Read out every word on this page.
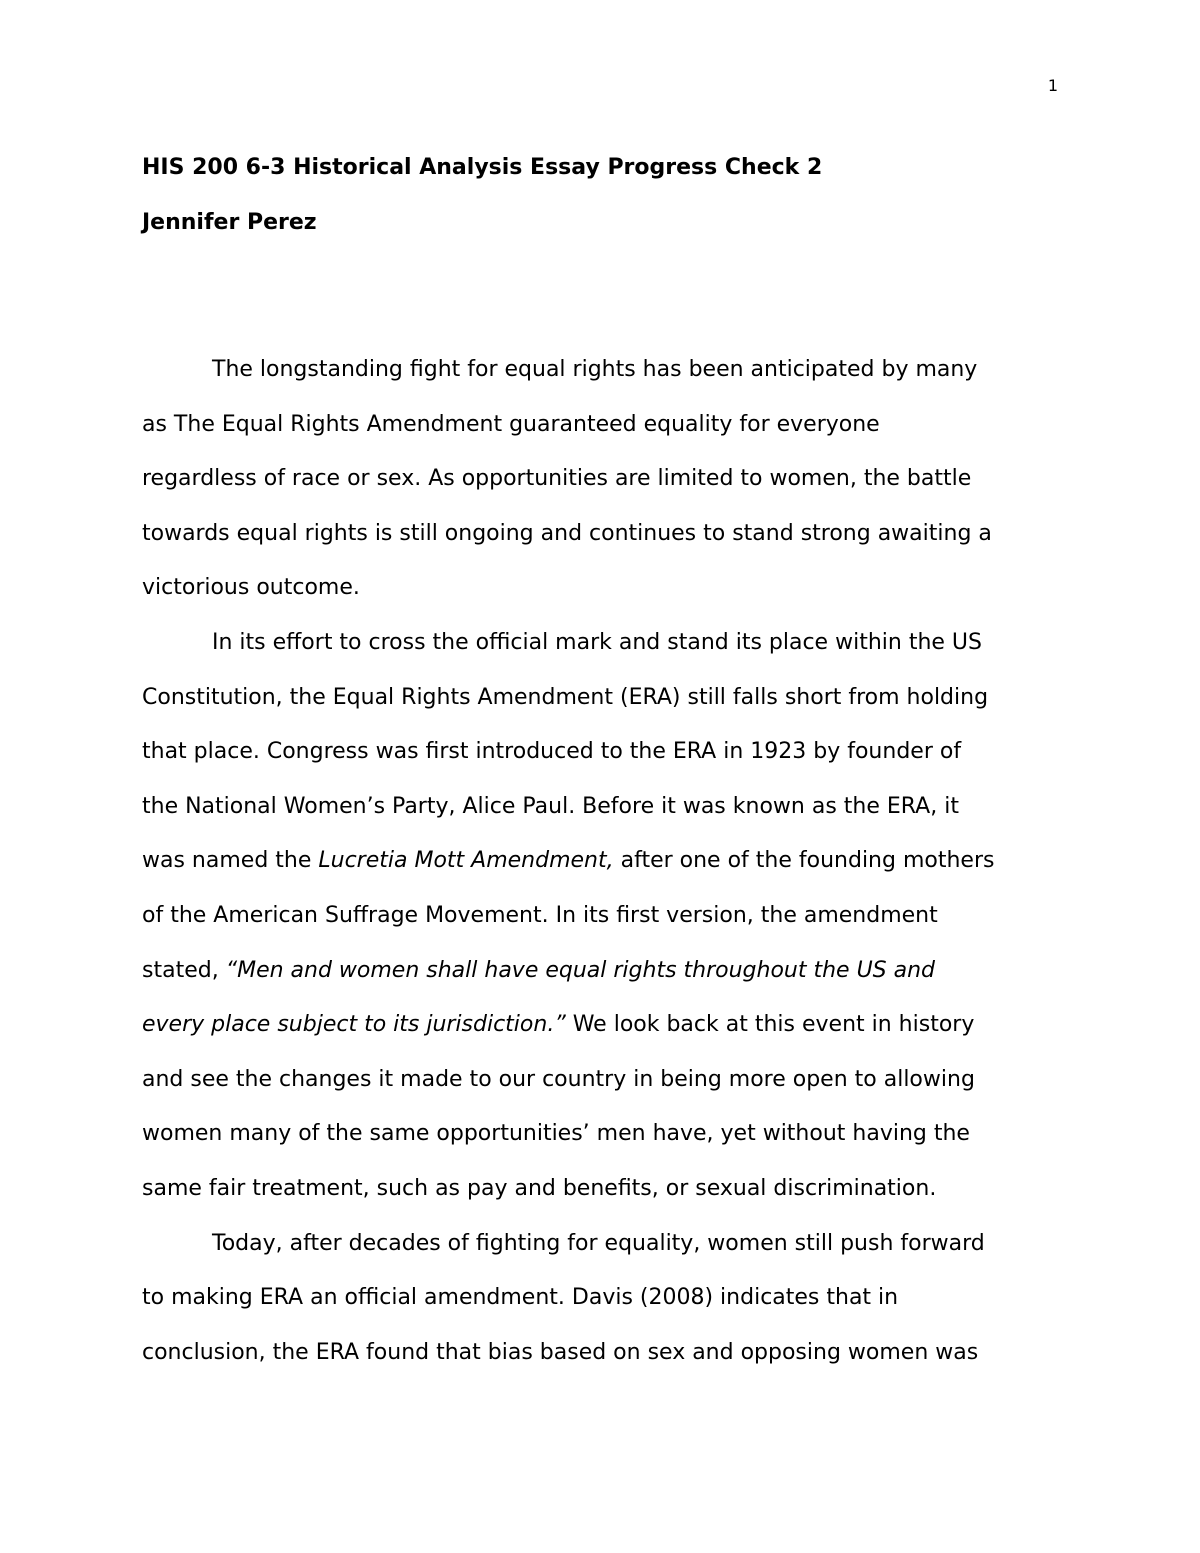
1
HIS 200 6-3 Historical Analysis Essay Progress Check 2
Jennifer Perez
The longstanding fight for equal rights has been anticipated by many
as The Equal Rights Amendment guaranteed equality for everyone
regardless of race or sex. As opportunities are limited to women, the battle
towards equal rights is still ongoing and continues to stand strong awaiting a
victorious outcome.
In its effort to cross the official mark and stand its place within the US
Constitution, the Equal Rights Amendment (ERA) still falls short from holding
that place. Congress was first introduced to the ERA in 1923 by founder of
the National Women’s Party, Alice Paul. Before it was known as the ERA, it
was named the Lucretia Mott Amendment, after one of the founding mothers
of the American Suffrage Movement. In its first version, the amendment
stated, “Men and women shall have equal rights throughout the US and
every place subject to its jurisdiction.” We look back at this event in history
and see the changes it made to our country in being more open to allowing
women many of the same opportunities’ men have, yet without having the
same fair treatment, such as pay and benefits, or sexual discrimination.
Today, after decades of fighting for equality, women still push forward
to making ERA an official amendment. Davis (2008) indicates that in
conclusion, the ERA found that bias based on sex and opposing women was
